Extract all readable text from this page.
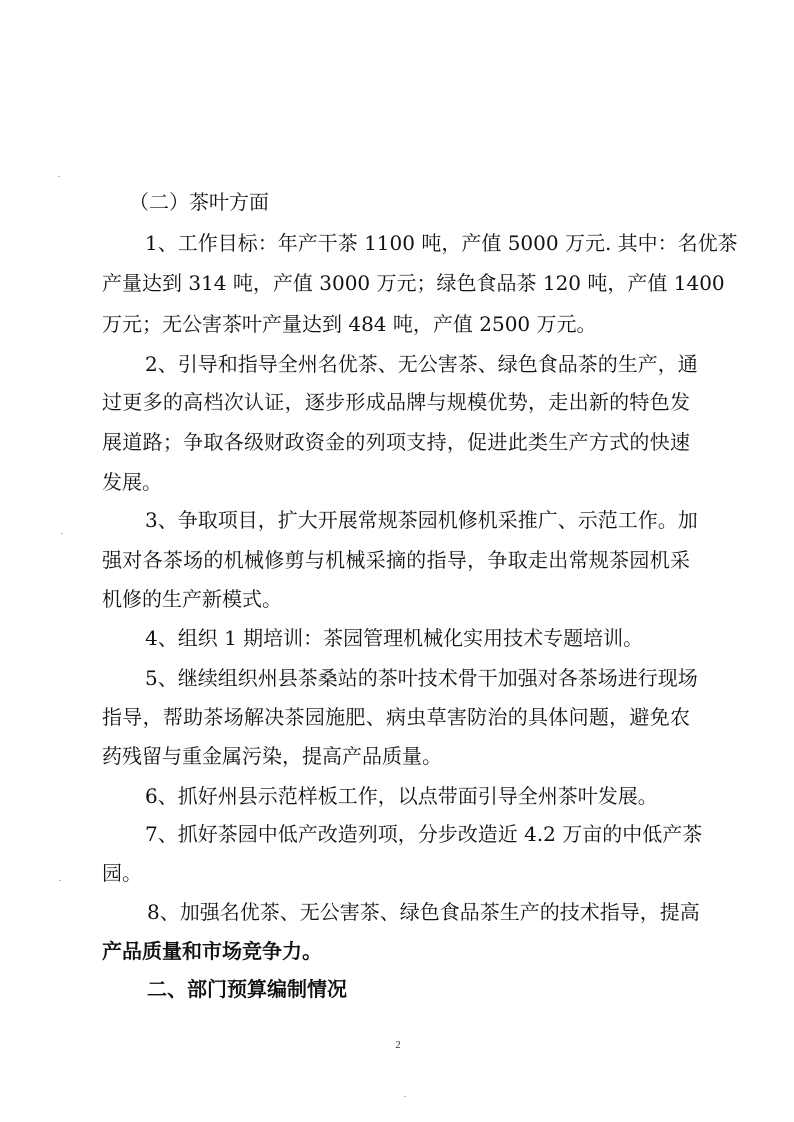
（二）茶叶方面
1、工作目标：年产干茶 1100 吨，产值 5000 万元. 其中：名优茶
产量达到 314 吨，产值 3000 万元；绿色食品茶 120 吨，产值 1400
万元；无公害茶叶产量达到 484 吨，产值 2500 万元。
2、引导和指导全州名优茶、无公害茶、绿色食品茶的生产，通
过更多的高档次认证，逐步形成品牌与规模优势，走出新的特色发
展道路；争取各级财政资金的列项支持，促进此类生产方式的快速
发展。
3、争取项目，扩大开展常规茶园机修机采推广、示范工作。加
强对各茶场的机械修剪与机械采摘的指导，争取走出常规茶园机采
机修的生产新模式。
4、组织 1 期培训：茶园管理机械化实用技术专题培训。
5、继续组织州县茶桑站的茶叶技术骨干加强对各茶场进行现场
指导，帮助茶场解决茶园施肥、病虫草害防治的具体问题，避免农
药残留与重金属污染，提高产品质量。
6、抓好州县示范样板工作，以点带面引导全州茶叶发展。
7、抓好茶园中低产改造列项，分步改造近 4.2 万亩的中低产茶
园。
8、加强名优茶、无公害茶、绿色食品茶生产的技术指导，提高
产品质量和市场竞争力。
二、部门预算编制情况
2
